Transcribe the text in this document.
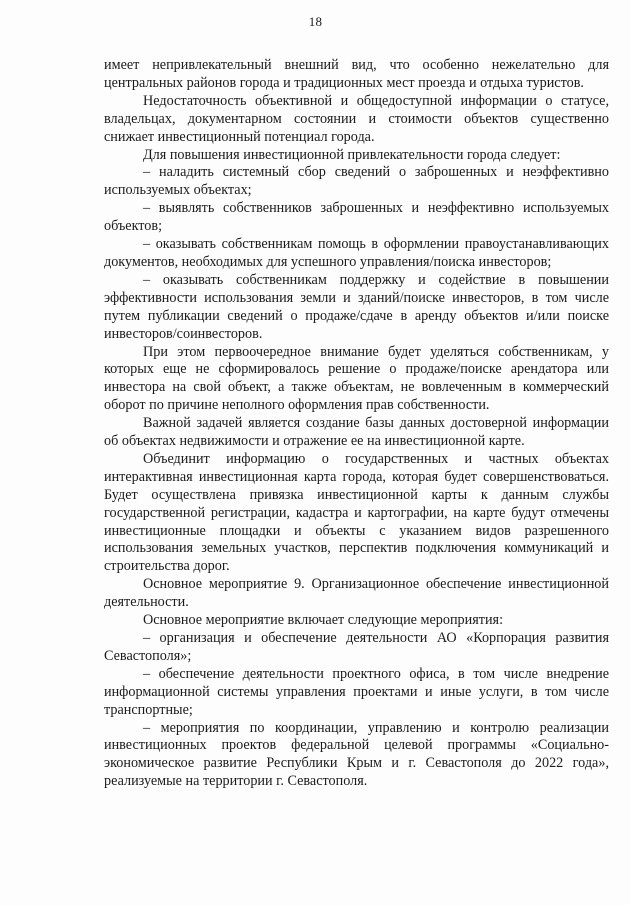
18

имеет непривлекательный внешний вид, что особенно нежелательно для центральных районов города и традиционных мест проезда и отдыха туристов.

Недостаточность объективной и общедоступной информации о статусе, владельцах, документарном состоянии и стоимости объектов существенно снижает инвестиционный потенциал города.

Для повышения инвестиционной привлекательности города следует:

– наладить системный сбор сведений о заброшенных и неэффективно используемых объектах;

– выявлять собственников заброшенных и неэффективно используемых объектов;

– оказывать собственникам помощь в оформлении правоустанавливающих документов, необходимых для успешного управления/поиска инвесторов;

– оказывать собственникам поддержку и содействие в повышении эффективности использования земли и зданий/поиске инвесторов, в том числе путем публикации сведений о продаже/сдаче в аренду объектов и/или поиске инвесторов/соинвесторов.

При этом первоочередное внимание будет уделяться собственникам, у которых еще не сформировалось решение о продаже/поиске арендатора или инвестора на свой объект, а также объектам, не вовлеченным в коммерческий оборот по причине неполного оформления прав собственности.

Важной задачей является создание базы данных достоверной информации об объектах недвижимости и отражение ее на инвестиционной карте.

Объединит информацию о государственных и частных объектах интерактивная инвестиционная карта города, которая будет совершенствоваться. Будет осуществлена привязка инвестиционной карты к данным службы государственной регистрации, кадастра и картографии, на карте будут отмечены инвестиционные площадки и объекты с указанием видов разрешенного использования земельных участков, перспектив подключения коммуникаций и строительства дорог.

Основное мероприятие 9. Организационное обеспечение инвестиционной деятельности.

Основное мероприятие включает следующие мероприятия:

– организация и обеспечение деятельности АО «Корпорация развития Севастополя»;

– обеспечение деятельности проектного офиса, в том числе внедрение информационной системы управления проектами и иные услуги, в том числе транспортные;

– мероприятия по координации, управлению и контролю реализации инвестиционных проектов федеральной целевой программы «Социально-экономическое развитие Республики Крым и г. Севастополя до 2022 года», реализуемые на территории г. Севастополя.
